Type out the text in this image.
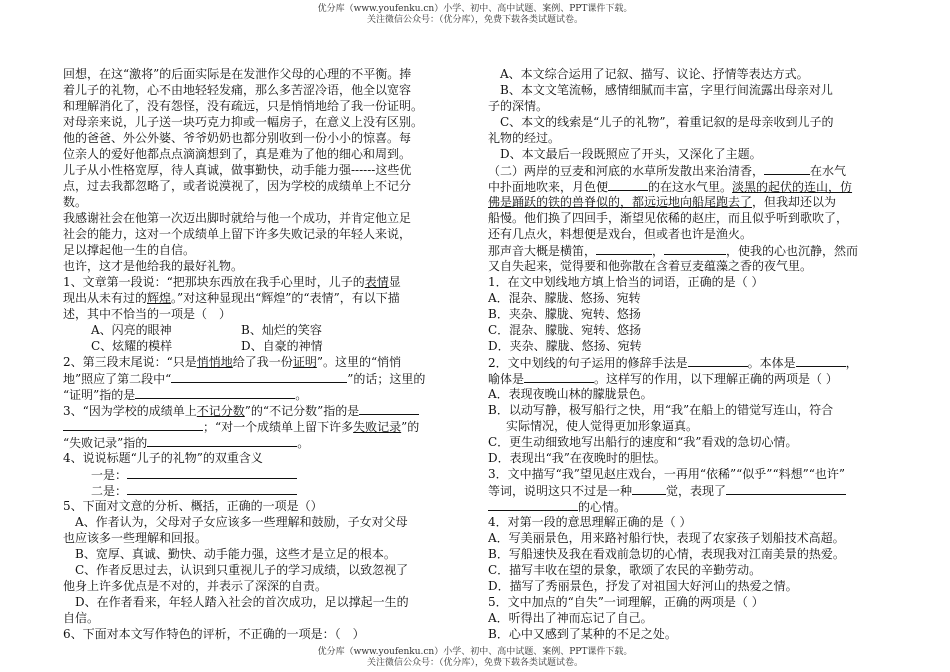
优分库（www.youfenku.cn）小学、初中、高中试题、案例、PPT课件下载。
关注微信公众号：（优分库），免费下载各类试题试卷。
回想，在这“激将”的后面实际是在发泄作父母的心理的不平衡。捧
着儿子的礼物，心不由地轻轻发痛，那么多苦涩冷语，他全以宽容
和理解消化了，没有怨怪，没有疏远，只是悄悄地给了我一份证明。
对母亲来说，儿子送一块巧克力抑或一幅房子，在意义上没有区别。
他的爸爸、外公外婆、爷爷奶奶也都分别收到一份小小的惊喜。每
位亲人的爱好他都点点滴滴想到了，真是难为了他的细心和周到。
儿子从小性格宽厚，待人真诚，做事勤快，动手能力强------这些优
点，过去我都忽略了，或者说漠视了，因为学校的成绩单上不记分
数。
我感谢社会在他第一次迈出脚时就给与他一个成功，并肯定他立足
社会的能力，这对一个成绩单上留下许多失败记录的年轻人来说，
足以撑起他一生的自信。
也许，这才是他给我的最好礼物。
1、文章第一段说：“把那块东西放在我手心里时，儿子的表情显
现出从未有过的辉煌。”对这种显现出“辉煌”的“表情”，有以下描
述，其中不恰当的一项是（　）
A、闪亮的眼神	B、灿烂的笑容
C、炫耀的模样	D、自豪的神情
2、第三段末尾说：“只是悄悄地给了我一份证明”。这里的“悄悄
地”照应了第二段中“	”的话；这里的
“证明”指的是	。
3、“因为学校的成绩单上不记分数”的“不记分数”指的是
；“对一个成绩单上留下许多失败记录”的
“失败记录”指的	。
4、说说标题“儿子的礼物”的双重含义
一是：
二是：
5、下面对文意的分析、概括，正确的一项是（）
A、作者认为，父母对子女应该多一些理解和鼓励，子女对父母
也应该多一些理解和回报。
B、宽厚、真诚、勤快、动手能力强，这些才是立足的根本。
C、作者反思过去，认识到只重视儿子的学习成绩，以致忽视了
他身上许多优点是不对的，并表示了深深的自责。
D、在作者看来，年轻人踏入社会的首次成功，足以撑起一生的
自信。
6、下面对本文写作特色的评析，不正确的一项是：（　）
A、本文综合运用了记叙、描写、议论、抒情等表达方式。
B、本文文笔流畅，感情细腻而丰富，字里行间流露出母亲对儿
子的深情。
C、本文的线索是“儿子的礼物”，着重记叙的是母亲收到儿子的
礼物的经过。
D、本文最后一段既照应了开头，又深化了主题。
（二）两岸的豆麦和河底的水草所发散出来治清香，	在水气
中扑面地吹来，月色便	的在这水气里。淡黑的起伏的连山，仿
佛是踊跃的铁的兽脊似的，都远远地向船尾跑去了，但我却还以为
船慢。他们换了四回手，渐望见依稀的赵庄，而且似乎听到歌吹了，
还有几点火，料想便是戏台，但或者也许是渔火。
那声音大概是横笛，	，	，使我的心也沉静，然而
又自失起来，觉得要和他弥散在含着豆麦蕴藻之香的夜气里。
1．在文中划线地方填上恰当的词语，正确的是（ ）
A．混杂、朦胧、悠扬、宛转
B．夹杂、朦胧、宛转、悠扬
C．混杂、朦胧、宛转、悠扬
D．夹杂、朦胧、悠扬、宛转
2．文中划线的句子运用的修辞手法是	。本体是	，
喻体是	。这样写的作用，以下理解正确的两项是（ ）
A．表现夜晚山林的朦胧景色。
B．以动写静，极写船行之快，用“我”在船上的错觉写连山，符合
实际情况，使人觉得更加形象逼真。
C．更生动细致地写出船行的速度和“我”看戏的急切心情。
D．表现出“我”在夜晚时的胆怯。
3．文中描写“我”望见赵庄戏台，一再用“依稀”“似乎”“料想”“也许”
等词，说明这只不过是一种	觉，表现了
的心情。
4．对第一段的意思理解正确的是（ ）
A．写美丽景色，用来路衬船行快，表现了农家孩子划船技术高超。
B．写船速快及我在看戏前急切的心情，表现我对江南美景的热爱。
C．描写丰收在望的景象，歌颂了农民的辛勤劳动。
D．描写了秀丽景色，抒发了对祖国大好河山的热爱之情。
5．文中加点的“自失”一词理解，正确的两项是（ ）
A．听得出了神而忘记了自己。
B．心中又感到了某种的不足之处。
优分库（www.youfenku.cn）小学、初中、高中试题、案例、PPT课件下载。
关注微信公众号：（优分库），免费下载各类试题试卷。
